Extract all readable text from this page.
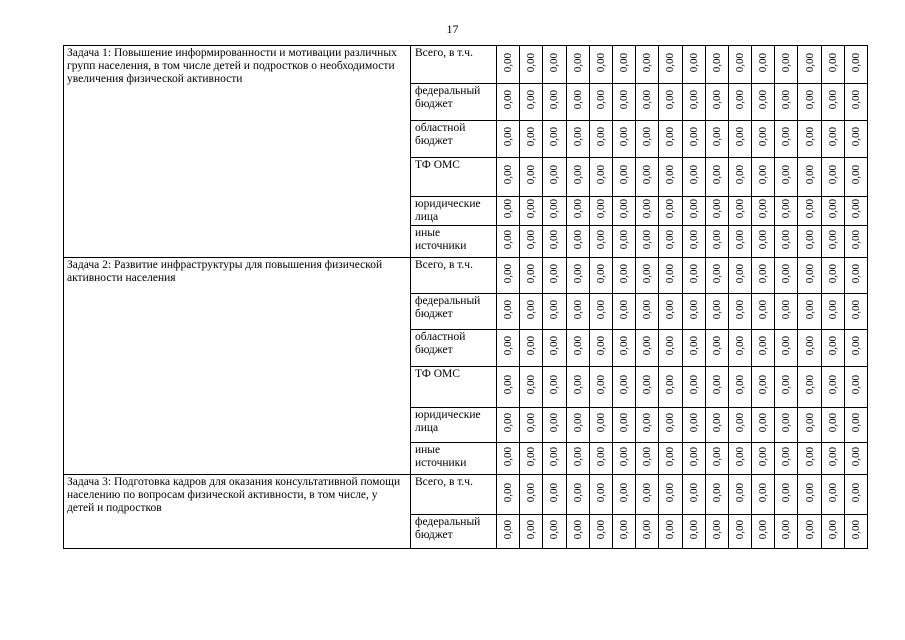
17
Задача 1: Повышение информированности и мотивации различных групп населения, в том числе детей и подростков о необходимости увеличения физической активности	Всего, в т.ч.	0,00	0,00	0,00	0,00	0,00	0,00	0,00	0,00	0,00	0,00	0,00	0,00	0,00	0,00	0,00	0,00
	федеральный бюджет	0,00	0,00	0,00	0,00	0,00	0,00	0,00	0,00	0,00	0,00	0,00	0,00	0,00	0,00	0,00	0,00
	областной бюджет	0,00	0,00	0,00	0,00	0,00	0,00	0,00	0,00	0,00	0,00	0,00	0,00	0,00	0,00	0,00	0,00
	ТФ ОМС	0,00	0,00	0,00	0,00	0,00	0,00	0,00	0,00	0,00	0,00	0,00	0,00	0,00	0,00	0,00	0,00
	юридические лица	0,00	0,00	0,00	0,00	0,00	0,00	0,00	0,00	0,00	0,00	0,00	0,00	0,00	0,00	0,00	0,00
	иные источники	0,00	0,00	0,00	0,00	0,00	0,00	0,00	0,00	0,00	0,00	0,00	0,00	0,00	0,00	0,00	0,00
Задача 2: Развитие инфраструктуры для повышения физической активности населения	Всего, в т.ч.	0,00	0,00	0,00	0,00	0,00	0,00	0,00	0,00	0,00	0,00	0,00	0,00	0,00	0,00	0,00	0,00
	федеральный бюджет	0,00	0,00	0,00	0,00	0,00	0,00	0,00	0,00	0,00	0,00	0,00	0,00	0,00	0,00	0,00	0,00
	областной бюджет	0,00	0,00	0,00	0,00	0,00	0,00	0,00	0,00	0,00	0,00	0,00	0,00	0,00	0,00	0,00	0,00
	ТФ ОМС	0,00	0,00	0,00	0,00	0,00	0,00	0,00	0,00	0,00	0,00	0,00	0,00	0,00	0,00	0,00	0,00
	юридические лица	0,00	0,00	0,00	0,00	0,00	0,00	0,00	0,00	0,00	0,00	0,00	0,00	0,00	0,00	0,00	0,00
	иные источники	0,00	0,00	0,00	0,00	0,00	0,00	0,00	0,00	0,00	0,00	0,00	0,00	0,00	0,00	0,00	0,00
Задача 3: Подготовка кадров для оказания консультативной помощи населению по вопросам физической активности, в том числе, у детей и подростков	Всего, в т.ч.	0,00	0,00	0,00	0,00	0,00	0,00	0,00	0,00	0,00	0,00	0,00	0,00	0,00	0,00	0,00	0,00
	федеральный бюджет	0,00	0,00	0,00	0,00	0,00	0,00	0,00	0,00	0,00	0,00	0,00	0,00	0,00	0,00	0,00	0,00
